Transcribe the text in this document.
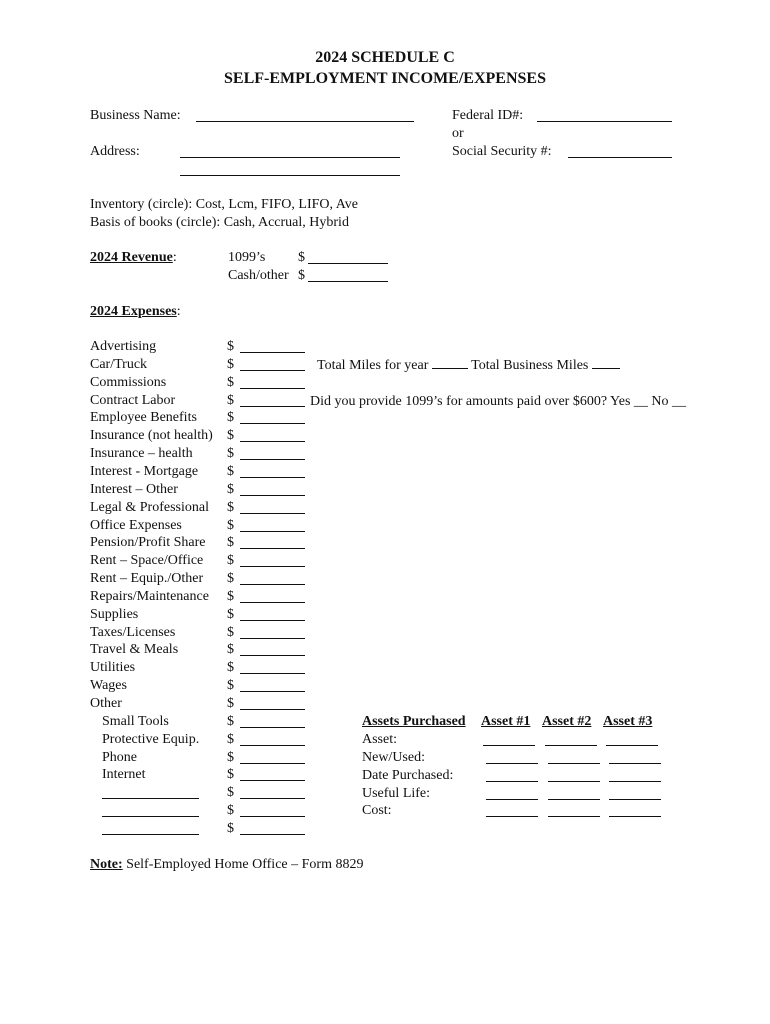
2024 SCHEDULE C
SELF-EMPLOYMENT INCOME/EXPENSES
Business Name:
Address:
Federal ID#:
or
Social Security #:
Inventory (circle): Cost, Lcm, FIFO, LIFO, Ave
Basis of books (circle): Cash, Accrual, Hybrid
2024 Revenue:	1099’s $
Cash/other $
2024 Expenses:
Advertising	$
Car/Truck	$
Commissions	$
Contract Labor	$
Employee Benefits $
Insurance (not health) $
Insurance – health $
Interest - Mortgage $
Interest – Other	$
Legal & Professional $
Office Expenses	$
Pension/Profit Share $
Rent – Space/Office $
Rent – Equip./Other $
Repairs/Maintenance $
Supplies	$
Taxes/Licenses	$
Travel & Meals	$
Utilities	$
Wages	$
Other	$
Small Tools	$
Protective Equip. $
Phone	$
Internet	$
$
$
$
Total Miles for year	Total Business Miles
Did you provide 1099’s for amounts paid over $600? Yes __ No __
Assets Purchased Asset #1 Asset #2 Asset #3
Asset:
New/Used:
Date Purchased:
Useful Life:
Cost:
Note: Self-Employed Home Office – Form 8829
